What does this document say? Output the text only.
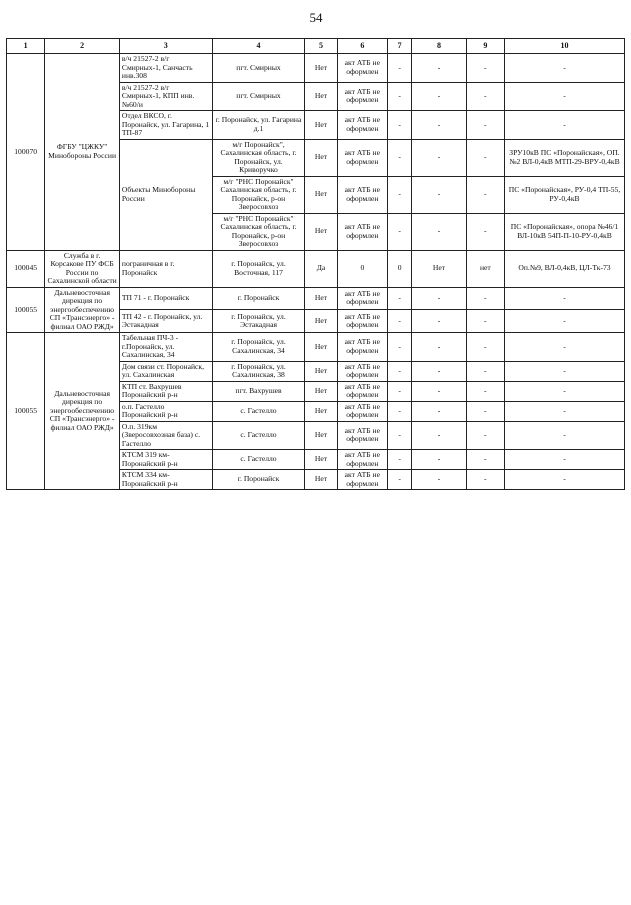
54
1	2	3	4	5	6	7	8	9	10
100070	ФГБУ "ЦЖКУ" Минобороны России	в/ч 21527-2 в/г Смирных-1, Санчасть инв.308	пгт. Смирных	Нет	акт АТБ не оформлен	-	-	-	-
		в/ч 21527-2 в/г Смирных-1, КПП инв. №60/и	пгт. Смирных	Нет	акт АТБ не оформлен	-	-	-	-
		Отдел ВКСО, г. Поронайск, ул. Гагарина, 1 ТП-87	г. Поронайск, ул. Гагарина д.1	Нет	акт АТБ не оформлен	-	-	-	-
		Объекты Минобороны России	м/г Поронайск", Сахалинская область, г. Поронайск, ул. Криворучко	Нет	акт АТБ не оформлен	-	-	-	ЗРУ10кВ ПС «Поронайская», ОП. №2 ВЛ-0,4кВ МТП-29-ВРУ-0,4кВ
			м/г "РНС Поронайск" Сахалинская область, г. Поронайск, р-он Зверосовхоз	Нет	акт АТБ не оформлен	-	-	-	ПС «Поронайская», РУ-0,4 ТП-55, РУ-0,4кВ
			м/г "РНС Поронайск" Сахалинская область, г. Поронайск, р-он Зверосовхоз	Нет	акт АТБ не оформлен	-	-	-	ПС «Поронайская», опора №46/1 ВЛ-10кВ 54П-П-10-РУ-0,4кВ
100045	Служба в г. Корсакове ПУ ФСБ России по Сахалинской области	пограничная в г. Поронайск	г. Поронайск, ул. Восточная, 117	Да	0	0	Нет	нет	Оп.№9, ВЛ-0,4кВ, ЦЛ-Тк-73
100055	Дальневосточная дирекция по энергообеспечению СП «Трансэнерго» - филиал ОАО РЖД»	ТП 71 - г. Поронайск	г. Поронайск	Нет	акт АТБ не оформлен	-	-	-	-
		ТП 42 - г. Поронайск, ул. Эстакадная	г. Поронайск, ул. Эстакадная	Нет	акт АТБ не оформлен	-	-	-	-
100055	Дальневосточная дирекция по энергообеспечению СП «Трансэнерго» - филиал ОАО РЖД»	Табельная ПЧ-3 - г.Поронайск, ул. Сахалинская, 34	г. Поронайск, ул. Сахалинская, 34	Нет	акт АТБ не оформлен	-	-	-	-
		Дом связи ст. Поронайск, ул. Сахалинская	г. Поронайск, ул. Сахалинская, 38	Нет	акт АТБ не оформлен	-	-	-	-
		КТП ст. Вахрушев Поронайский р-н	пгт. Вахрушев	Нет	акт АТБ не оформлен	-	-	-	-
		о.п. Гастелло Поронайский р-н	с. Гастелло	Нет	акт АТБ не оформлен	-	-	-	-
		О.п. 319км (Зверосовхозная база) с. Гастелло	с. Гастелло	Нет	акт АТБ не оформлен	-	-	-	-
		КТСМ 319 км-Поронайский р-н	с. Гастелло	Нет	акт АТБ не оформлен	-	-	-	-
		КТСМ 334 км-Поронайский р-н	г. Поронайск	Нет	акт АТБ не оформлен	-	-	-	-
